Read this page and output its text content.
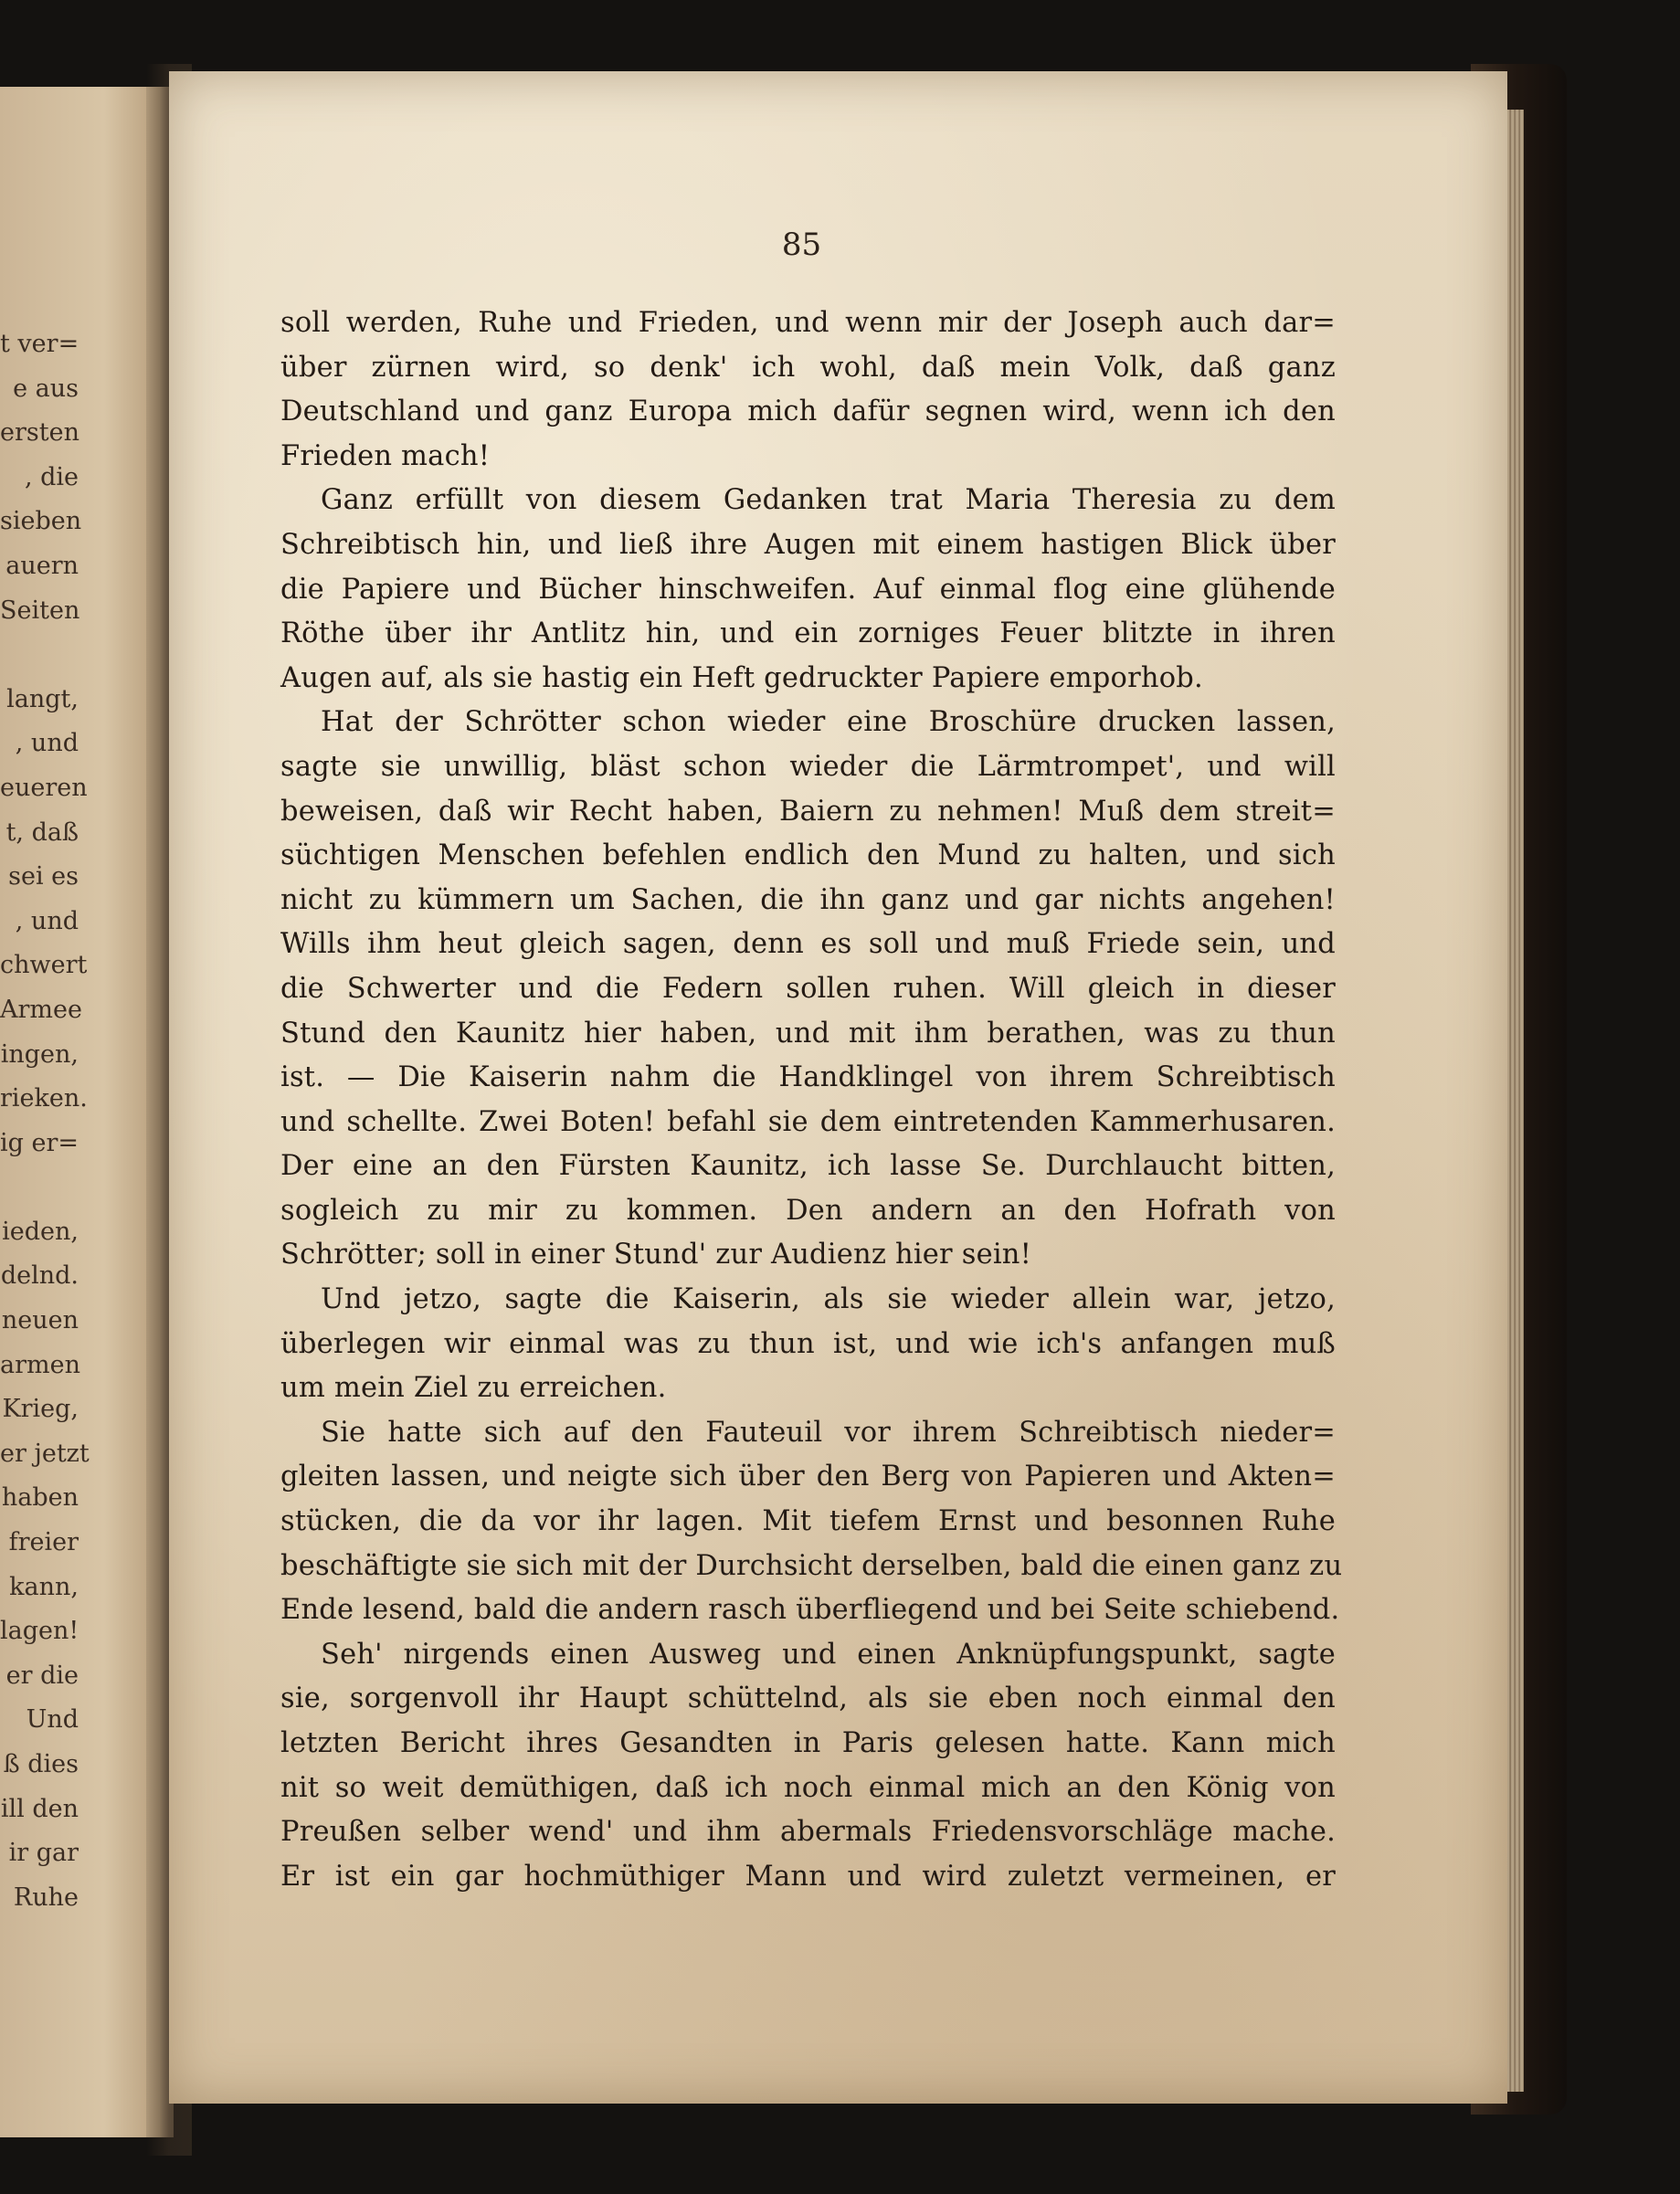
t ver=
e aus
ersten
, die
sieben
auern
Seiten
langt,
, und
eueren
t, daß
sei es
, und
chwert
Armee
ingen,
rieken.
ig er=
ieden,
delnd.
neuen
armen
Krieg,
er jetzt
haben
freier
kann,
lagen!
er die
Und
ß dies
ill den
ir gar
Ruhe
85
soll werden, Ruhe und Frieden, und wenn mir der Joseph auch dar=
über zürnen wird, so denk' ich wohl, daß mein Volk, daß ganz
Deutschland und ganz Europa mich dafür segnen wird, wenn ich den
Frieden mach!
Ganz erfüllt von diesem Gedanken trat Maria Theresia zu dem
Schreibtisch hin, und ließ ihre Augen mit einem hastigen Blick über
die Papiere und Bücher hinschweifen. Auf einmal flog eine glühende
Röthe über ihr Antlitz hin, und ein zorniges Feuer blitzte in ihren
Augen auf, als sie hastig ein Heft gedruckter Papiere emporhob.
Hat der Schrötter schon wieder eine Broschüre drucken lassen,
sagte sie unwillig, bläst schon wieder die Lärmtrompet', und will
beweisen, daß wir Recht haben, Baiern zu nehmen! Muß dem streit=
süchtigen Menschen befehlen endlich den Mund zu halten, und sich
nicht zu kümmern um Sachen, die ihn ganz und gar nichts angehen!
Wills ihm heut gleich sagen, denn es soll und muß Friede sein, und
die Schwerter und die Federn sollen ruhen. Will gleich in dieser
Stund den Kaunitz hier haben, und mit ihm berathen, was zu thun
ist. — Die Kaiserin nahm die Handklingel von ihrem Schreibtisch
und schellte. Zwei Boten! befahl sie dem eintretenden Kammerhusaren.
Der eine an den Fürsten Kaunitz, ich lasse Se. Durchlaucht bitten,
sogleich zu mir zu kommen. Den andern an den Hofrath von
Schrötter; soll in einer Stund' zur Audienz hier sein!
Und jetzo, sagte die Kaiserin, als sie wieder allein war, jetzo,
überlegen wir einmal was zu thun ist, und wie ich's anfangen muß
um mein Ziel zu erreichen.
Sie hatte sich auf den Fauteuil vor ihrem Schreibtisch nieder=
gleiten lassen, und neigte sich über den Berg von Papieren und Akten=
stücken, die da vor ihr lagen. Mit tiefem Ernst und besonnen Ruhe
beschäftigte sie sich mit der Durchsicht derselben, bald die einen ganz zu
Ende lesend, bald die andern rasch überfliegend und bei Seite schiebend.
Seh' nirgends einen Ausweg und einen Anknüpfungspunkt, sagte
sie, sorgenvoll ihr Haupt schüttelnd, als sie eben noch einmal den
letzten Bericht ihres Gesandten in Paris gelesen hatte. Kann mich
nit so weit demüthigen, daß ich noch einmal mich an den König von
Preußen selber wend' und ihm abermals Friedensvorschläge mache.
Er ist ein gar hochmüthiger Mann und wird zuletzt vermeinen, er
